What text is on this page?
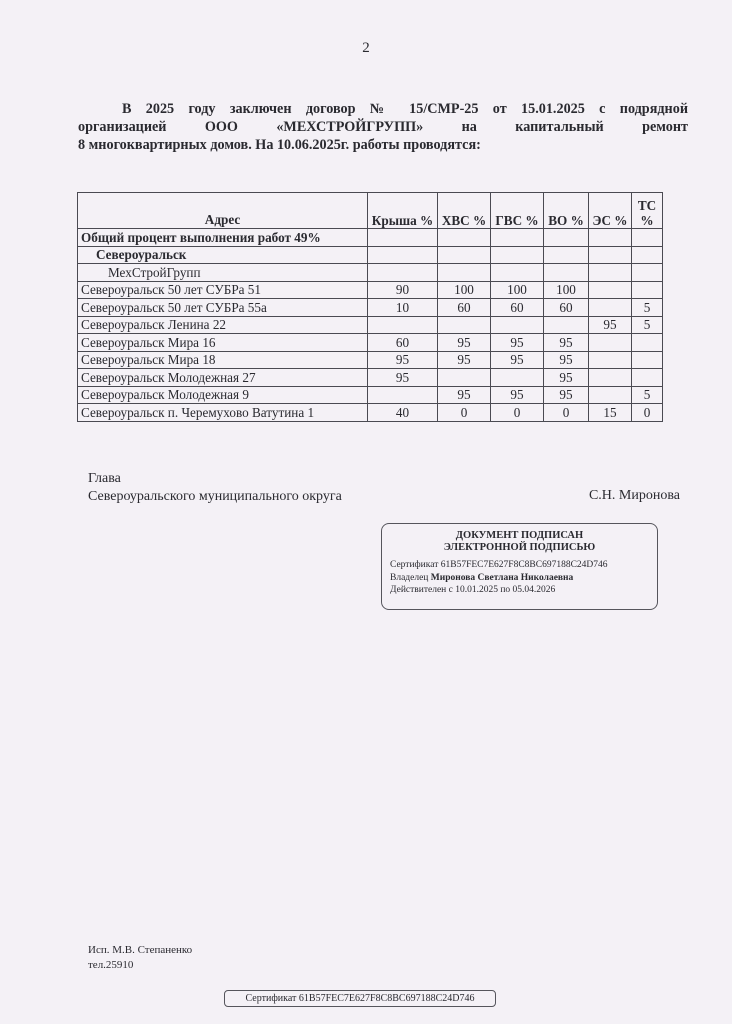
2
В 2025 году заключен договор № 15/СМР-25 от 15.01.2025 с подрядной
организацией ООО «МЕХСТРОЙГРУПП» на капитальный ремонт
8 многоквартирных домов. На 10.06.2025г. работы проводятся:
Адрес	Крыша %	ХВС %	ГВС %	ВО %	ЭС %	ТС %
Общий процент выполнения работ 49%						
Североуральск						
МехСтройГрупп						
Североуральск 50 лет СУБРа 51	90	100	100	100		
Североуральск 50 лет СУБРа 55а	10	60	60	60		5
Североуральск Ленина 22					95	5
Североуральск Мира 16	60	95	95	95		
Североуральск Мира 18	95	95	95	95		
Североуральск Молодежная 27	95			95		
Североуральск Молодежная 9		95	95	95		5
Североуральск п. Черемухово Ватутина 1	40	0	0	0	15	0
Глава
Североуральского муниципального округа	С.Н. Миронова
ДОКУМЕНТ ПОДПИСАН
ЭЛЕКТРОННОЙ ПОДПИСЬЮ
Сертификат 61B57FEC7E627F8C8BC697188C24D746
Владелец Миронова Светлана Николаевна
Действителен с 10.01.2025 по 05.04.2026
Исп. М.В. Степаненко
тел.25910
Сертификат 61B57FEC7E627F8C8BC697188C24D746
